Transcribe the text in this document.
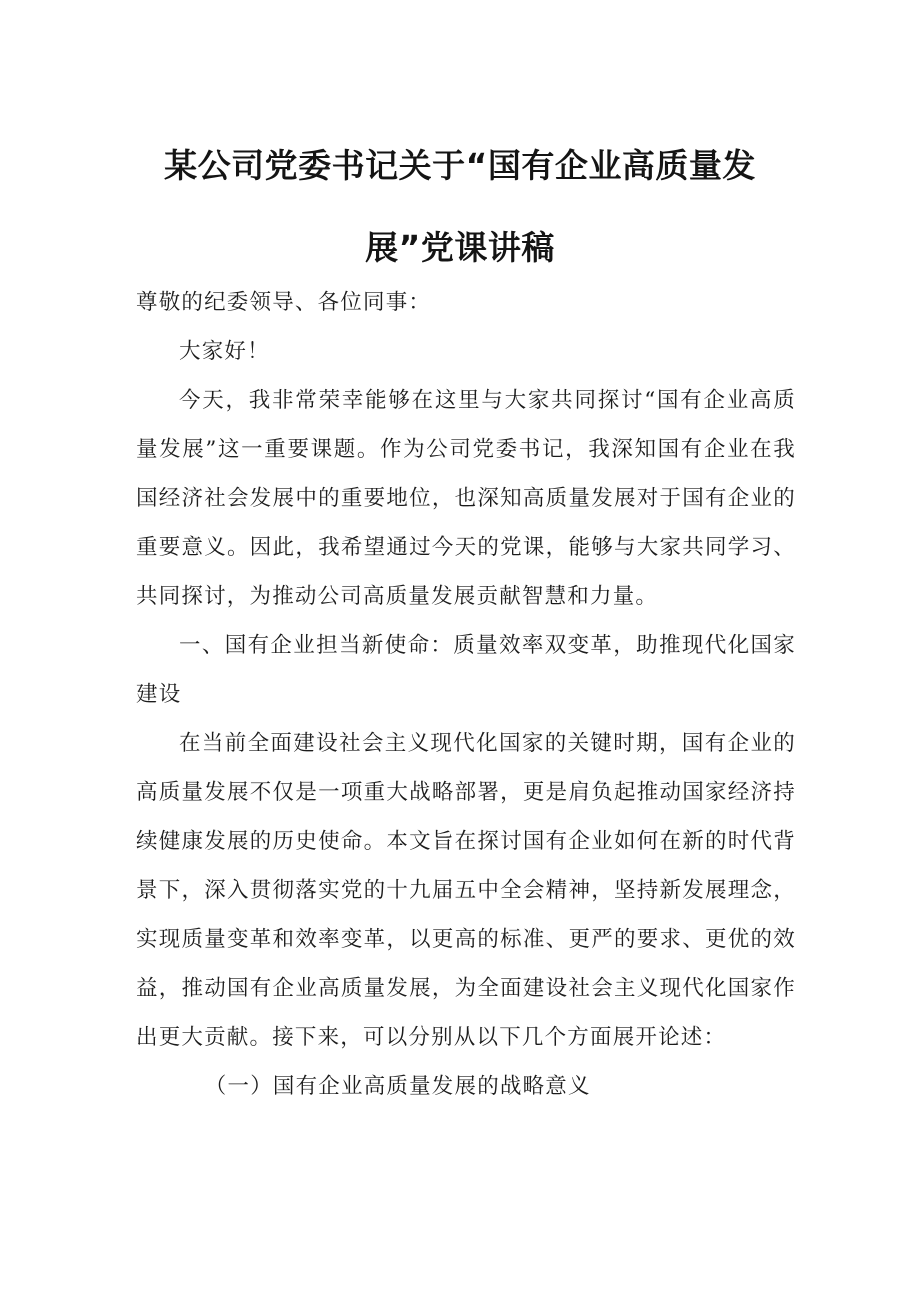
某公司党委书记关于“国有企业高质量发
展”党课讲稿

尊敬的纪委领导、各位同事：

大家好！

今天，我非常荣幸能够在这里与大家共同探讨“国有企业高质量发展”这一重要课题。作为公司党委书记，我深知国有企业在我国经济社会发展中的重要地位，也深知高质量发展对于国有企业的重要意义。因此，我希望通过今天的党课，能够与大家共同学习、共同探讨，为推动公司高质量发展贡献智慧和力量。

一、国有企业担当新使命：质量效率双变革，助推现代化国家建设

在当前全面建设社会主义现代化国家的关键时期，国有企业的高质量发展不仅是一项重大战略部署，更是肩负起推动国家经济持续健康发展的历史使命。本文旨在探讨国有企业如何在新的时代背景下，深入贯彻落实党的十九届五中全会精神，坚持新发展理念，实现质量变革和效率变革，以更高的标准、更严的要求、更优的效益，推动国有企业高质量发展，为全面建设社会主义现代化国家作出更大贡献。接下来，可以分别从以下几个方面展开论述：

（一）国有企业高质量发展的战略意义
